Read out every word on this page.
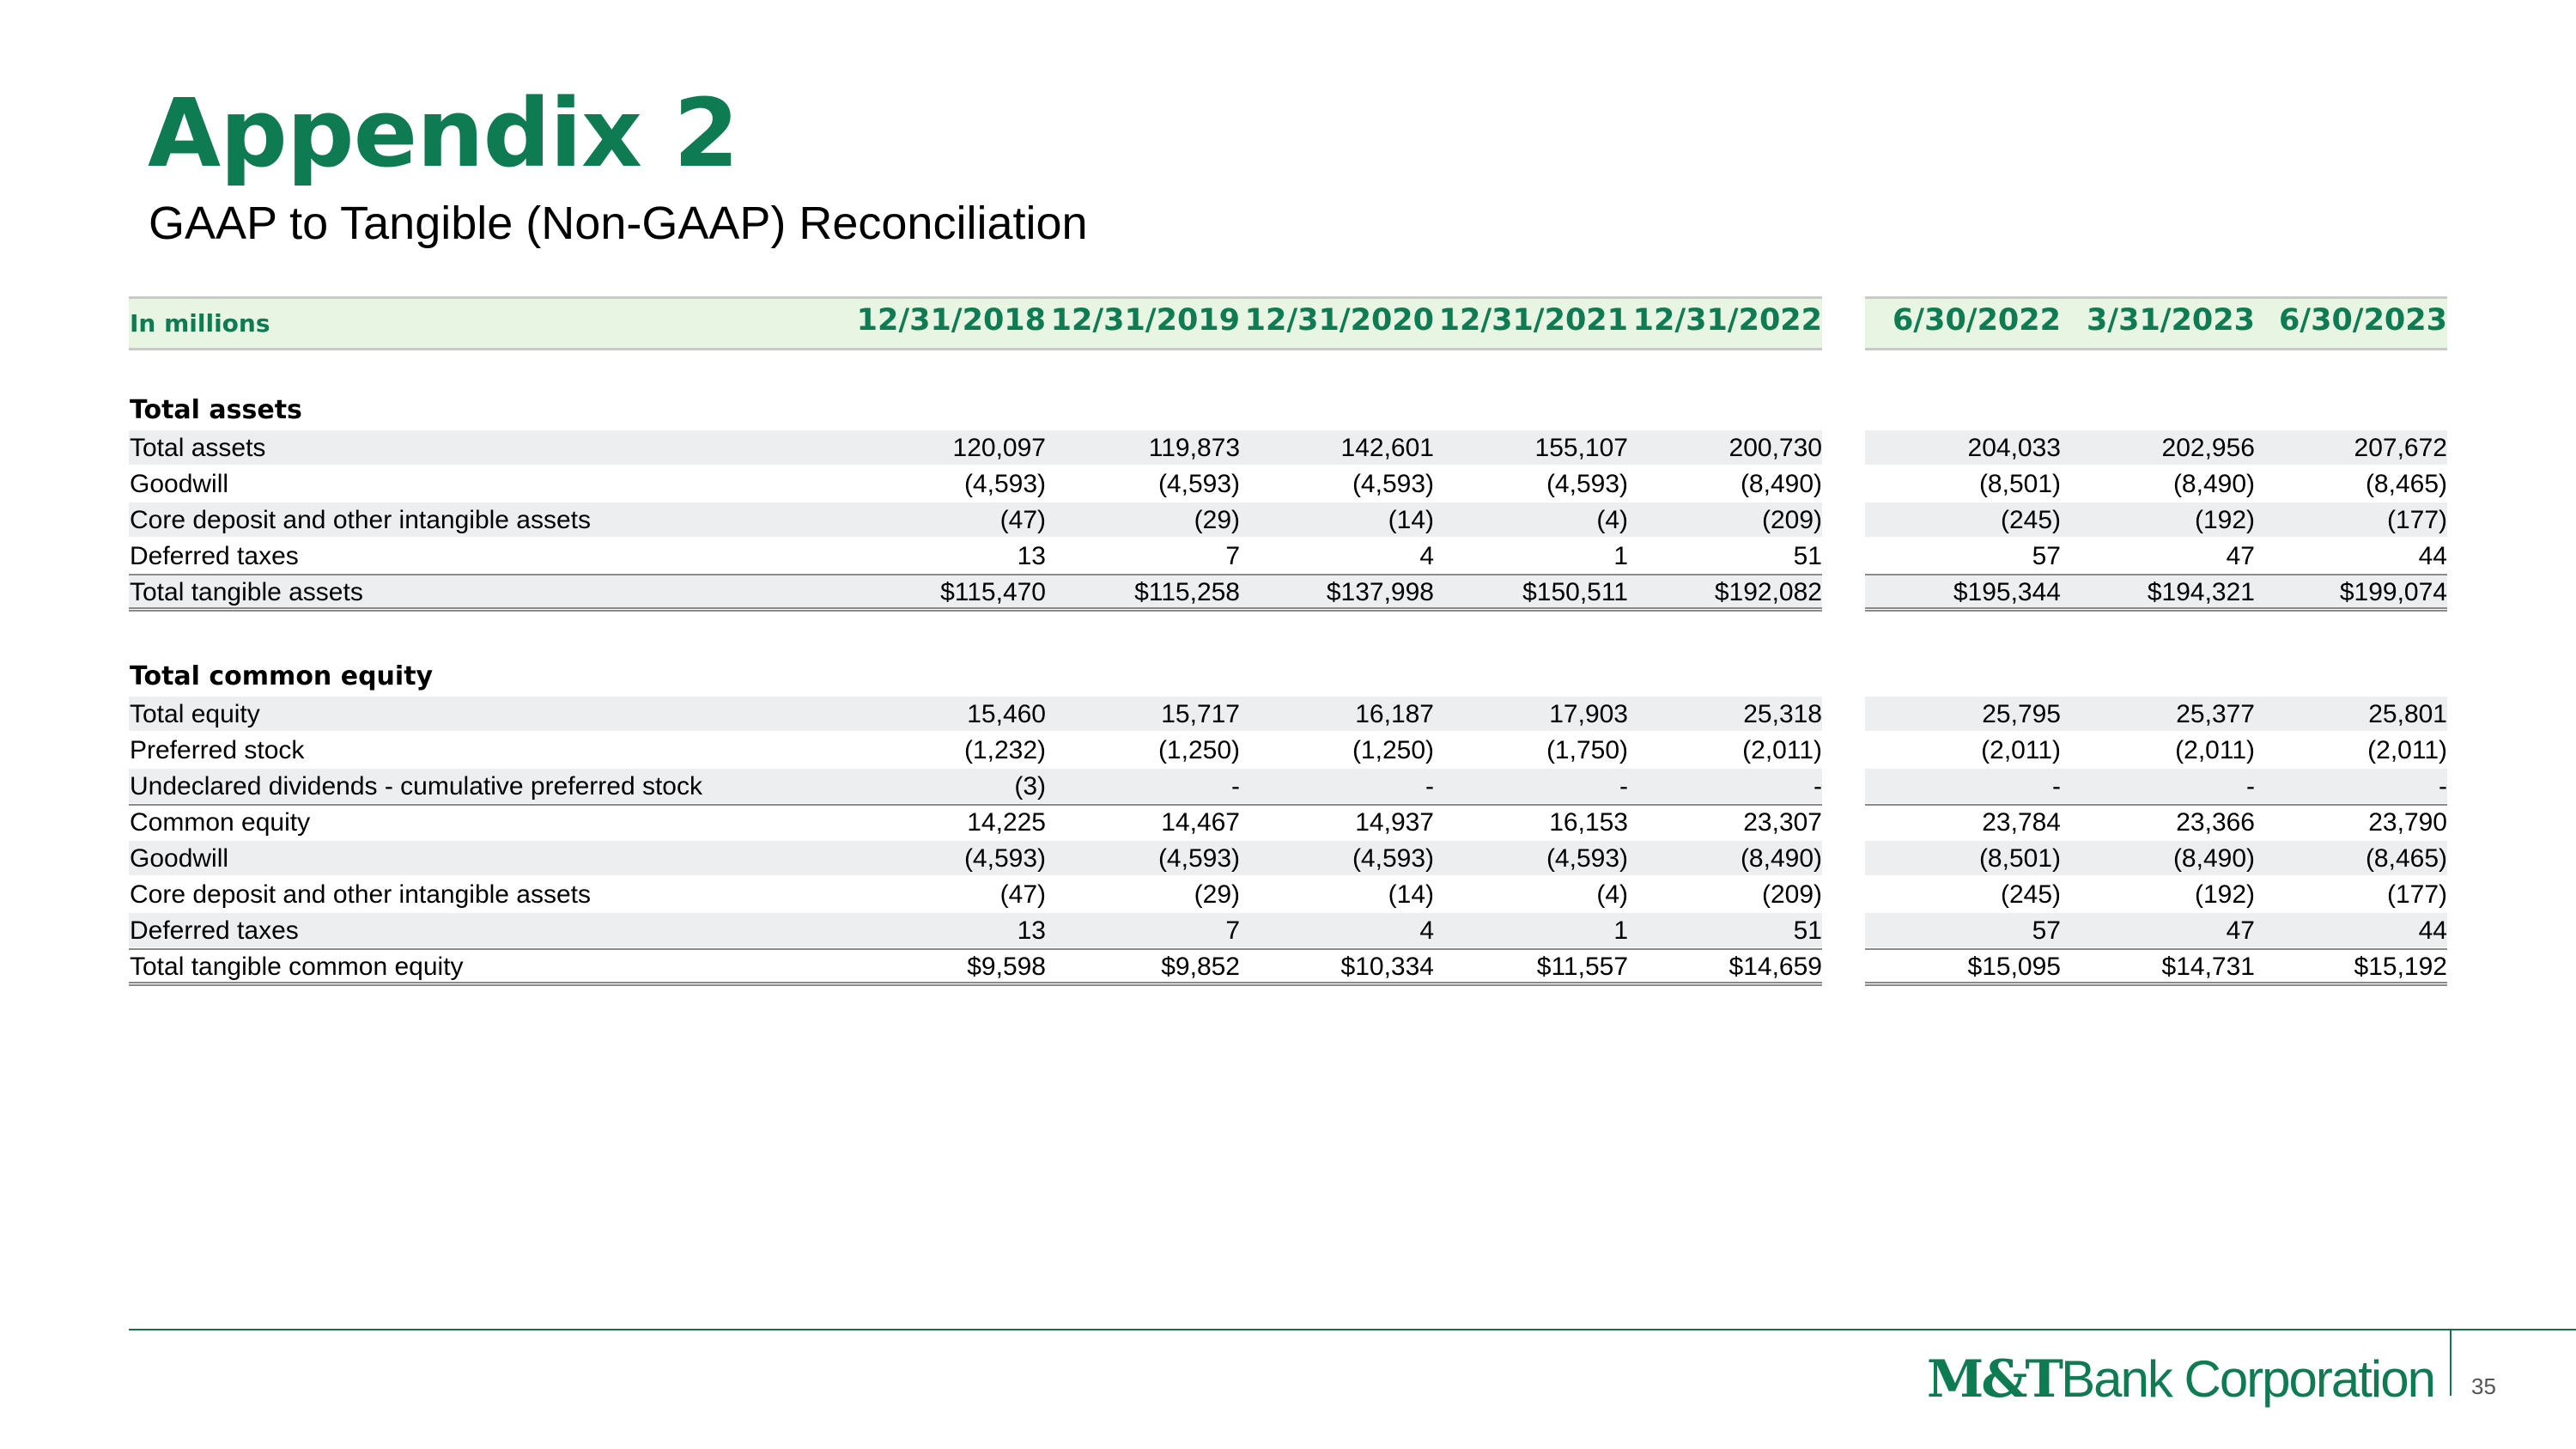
Appendix 2
GAAP to Tangible (Non-GAAP) Reconciliation
In millions	12/31/2018 12/31/2019 12/31/2020 12/31/2021 12/31/2022	6/30/2022 3/31/2023 6/30/2023
Total assets
Total assets	120,097	119,873	142,601	155,107	200,730	204,033	202,956	207,672
Goodwill	(4,593)	(4,593)	(4,593)	(4,593)	(8,490)	(8,501)	(8,490)	(8,465)
Core deposit and other intangible assets	(47)	(29)	(14)	(4)	(209)	(245)	(192)	(177)
Deferred taxes	13	7	4	1	51	57	47	44
Total tangible assets	$115,470	$115,258	$137,998	$150,511	$192,082	$195,344	$194,321	$199,074
Total common equity
Total equity	15,460	15,717	16,187	17,903	25,318	25,795	25,377	25,801
Preferred stock	(1,232)	(1,250)	(1,250)	(1,750)	(2,011)	(2,011)	(2,011)	(2,011)
Undeclared dividends - cumulative preferred stock	(3)	-	-	-	-	-	-	-
Common equity	14,225	14,467	14,937	16,153	23,307	23,784	23,366	23,790
Goodwill	(4,593)	(4,593)	(4,593)	(4,593)	(8,490)	(8,501)	(8,490)	(8,465)
Core deposit and other intangible assets	(47)	(29)	(14)	(4)	(209)	(245)	(192)	(177)
Deferred taxes	13	7	4	1	51	57	47	44
Total tangible common equity	$9,598	$9,852	$10,334	$11,557	$14,659	$15,095	$14,731	$15,192
M&TBank Corporation 35
